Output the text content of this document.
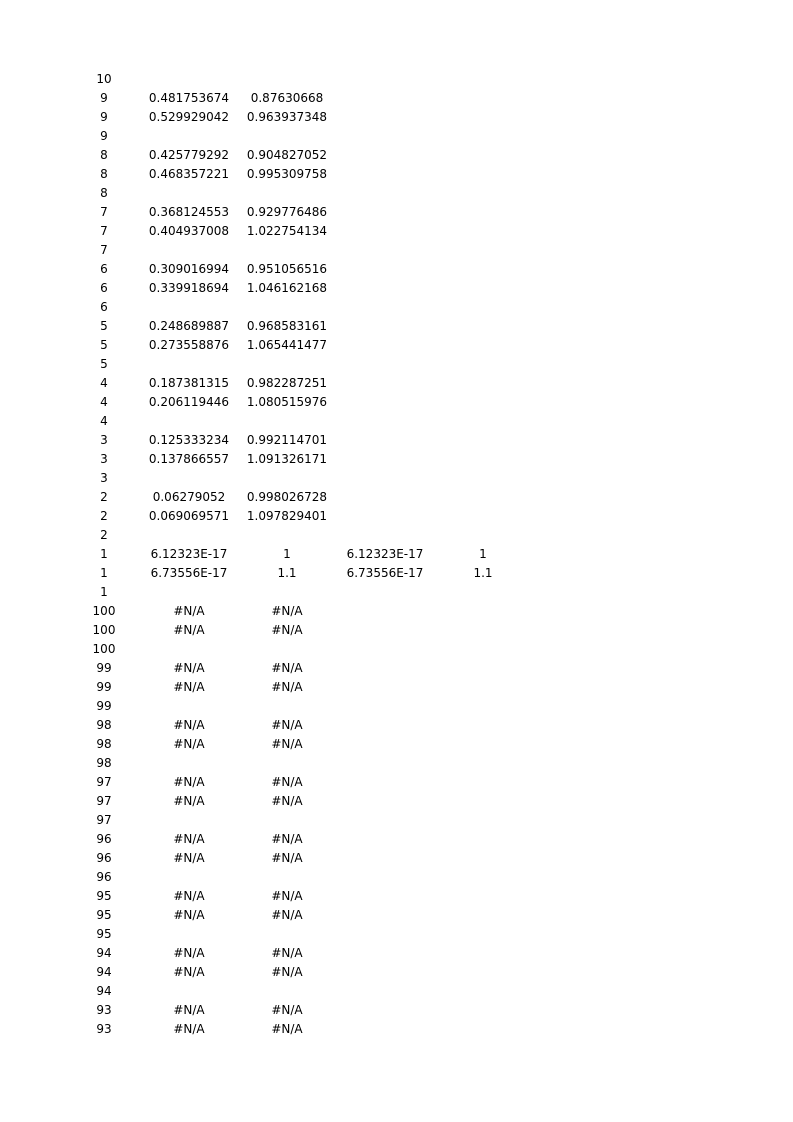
10
9	0.481753674	0.87630668
9	0.529929042	0.963937348
9
8	0.425779292	0.904827052
8	0.468357221	0.995309758
8
7	0.368124553	0.929776486
7	0.404937008	1.022754134
7
6	0.309016994	0.951056516
6	0.339918694	1.046162168
6
5	0.248689887	0.968583161
5	0.273558876	1.065441477
5
4	0.187381315	0.982287251
4	0.206119446	1.080515976
4
3	0.125333234	0.992114701
3	0.137866557	1.091326171
3
2	0.06279052	0.998026728
2	0.069069571	1.097829401
2
1	6.12323E-17	1	6.12323E-17	1
1	6.73556E-17	1.1	6.73556E-17	1.1
1
100	#N/A	#N/A
100	#N/A	#N/A
100
99	#N/A	#N/A
99	#N/A	#N/A
99
98	#N/A	#N/A
98	#N/A	#N/A
98
97	#N/A	#N/A
97	#N/A	#N/A
97
96	#N/A	#N/A
96	#N/A	#N/A
96
95	#N/A	#N/A
95	#N/A	#N/A
95
94	#N/A	#N/A
94	#N/A	#N/A
94
93	#N/A	#N/A
93	#N/A	#N/A
